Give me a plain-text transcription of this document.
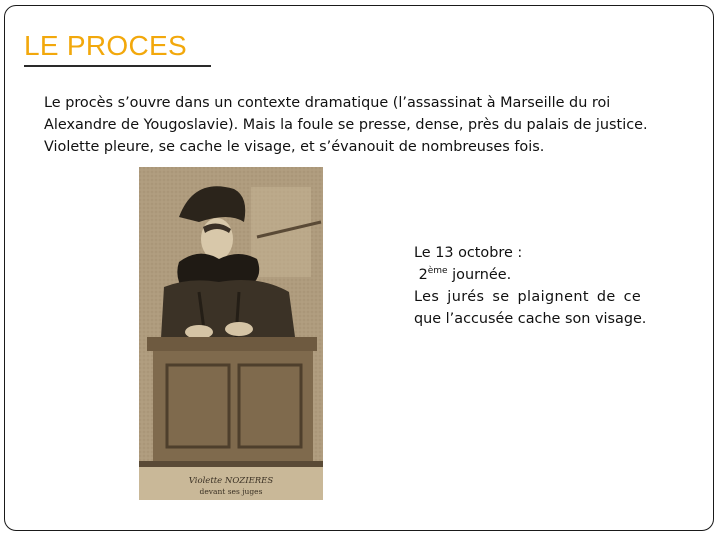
LE PROCES

Le procès s’ouvre dans un contexte dramatique (l’assassinat à Marseille du roi

Alexandre de Yougoslavie). Mais la foule se presse, dense, près du palais de justice.

Violette pleure, se cache le visage, et s’évanouit de nombreuses fois.

Violette NOZIERES
devant ses juges
Le 13 octobre :
2ème journée.
Les jurés se plaignent de ce
que l’accusée cache son visage.
